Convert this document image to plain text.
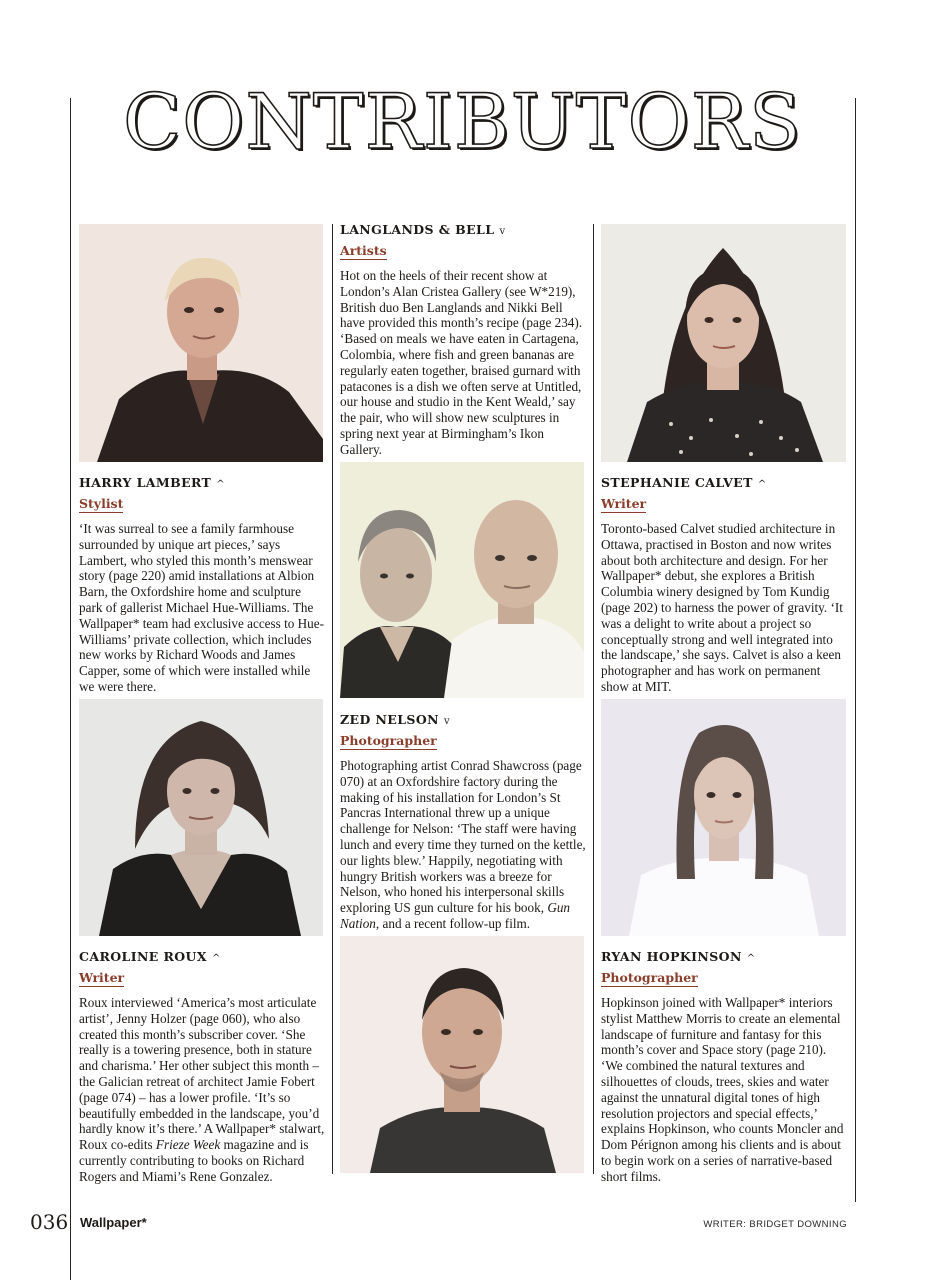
CONTRIBUTORS
LANGLANDS & BELL v
Artists

Hot on the heels of their recent show at London’s Alan Cristea Gallery (see W*219), British duo Ben Langlands and Nikki Bell have provided this month’s recipe (page 234). ‘Based on meals we have eaten in Cartagena, Colombia, where fish and green bananas are regularly eaten together, braised gurnard with patacones is a dish we often serve at Untitled, our house and studio in the Kent Weald,’ say the pair, who will show new sculptures in spring next year at Birmingham’s Ikon Gallery.

HARRY LAMBERT ^
Stylist

‘It was surreal to see a family farmhouse surrounded by unique art pieces,’ says Lambert, who styled this month’s menswear story (page 220) amid installations at Albion Barn, the Oxfordshire home and sculpture park of gallerist Michael Hue-Williams. The Wallpaper* team had exclusive access to Hue-Williams’ private collection, which includes new works by Richard Woods and James Capper, some of which were installed while we were there.

STEPHANIE CALVET ^
Writer

Toronto-based Calvet studied architecture in Ottawa, practised in Boston and now writes about both architecture and design. For her Wallpaper* debut, she explores a British Columbia winery designed by Tom Kundig (page 202) to harness the power of gravity. ‘It was a delight to write about a project so conceptually strong and well integrated into the landscape,’ she says. Calvet is also a keen photographer and has work on permanent show at MIT.

ZED NELSON v
Photographer

Photographing artist Conrad Shawcross (page 070) at an Oxfordshire factory during the making of his installation for London’s St Pancras International threw up a unique challenge for Nelson: ‘The staff were having lunch and every time they turned on the kettle, our lights blew.’ Happily, negotiating with hungry British workers was a breeze for Nelson, who honed his interpersonal skills exploring US gun culture for his book, Gun Nation, and a recent follow-up film.

CAROLINE ROUX ^
Writer

Roux interviewed ‘America’s most articulate artist’, Jenny Holzer (page 060), who also created this month’s subscriber cover. ‘She really is a towering presence, both in stature and charisma.’ Her other subject this month – the Galician retreat of architect Jamie Fobert (page 074) – has a lower profile. ‘It’s so beautifully embedded in the landscape, you’d hardly know it’s there.’ A Wallpaper* stalwart, Roux co-edits Frieze Week magazine and is currently contributing to books on Richard Rogers and Miami’s Rene Gonzalez.

RYAN HOPKINSON ^
Photographer

Hopkinson joined with Wallpaper* interiors stylist Matthew Morris to create an elemental landscape of furniture and fantasy for this month’s cover and Space story (page 210). ‘We combined the natural textures and silhouettes of clouds, trees, skies and water against the unnatural digital tones of high resolution projectors and special effects,’ explains Hopkinson, who counts Moncler and Dom Pérignon among his clients and is about to begin work on a series of narrative-based short films.

036 Wallpaper*	WRITER: BRIDGET DOWNING
